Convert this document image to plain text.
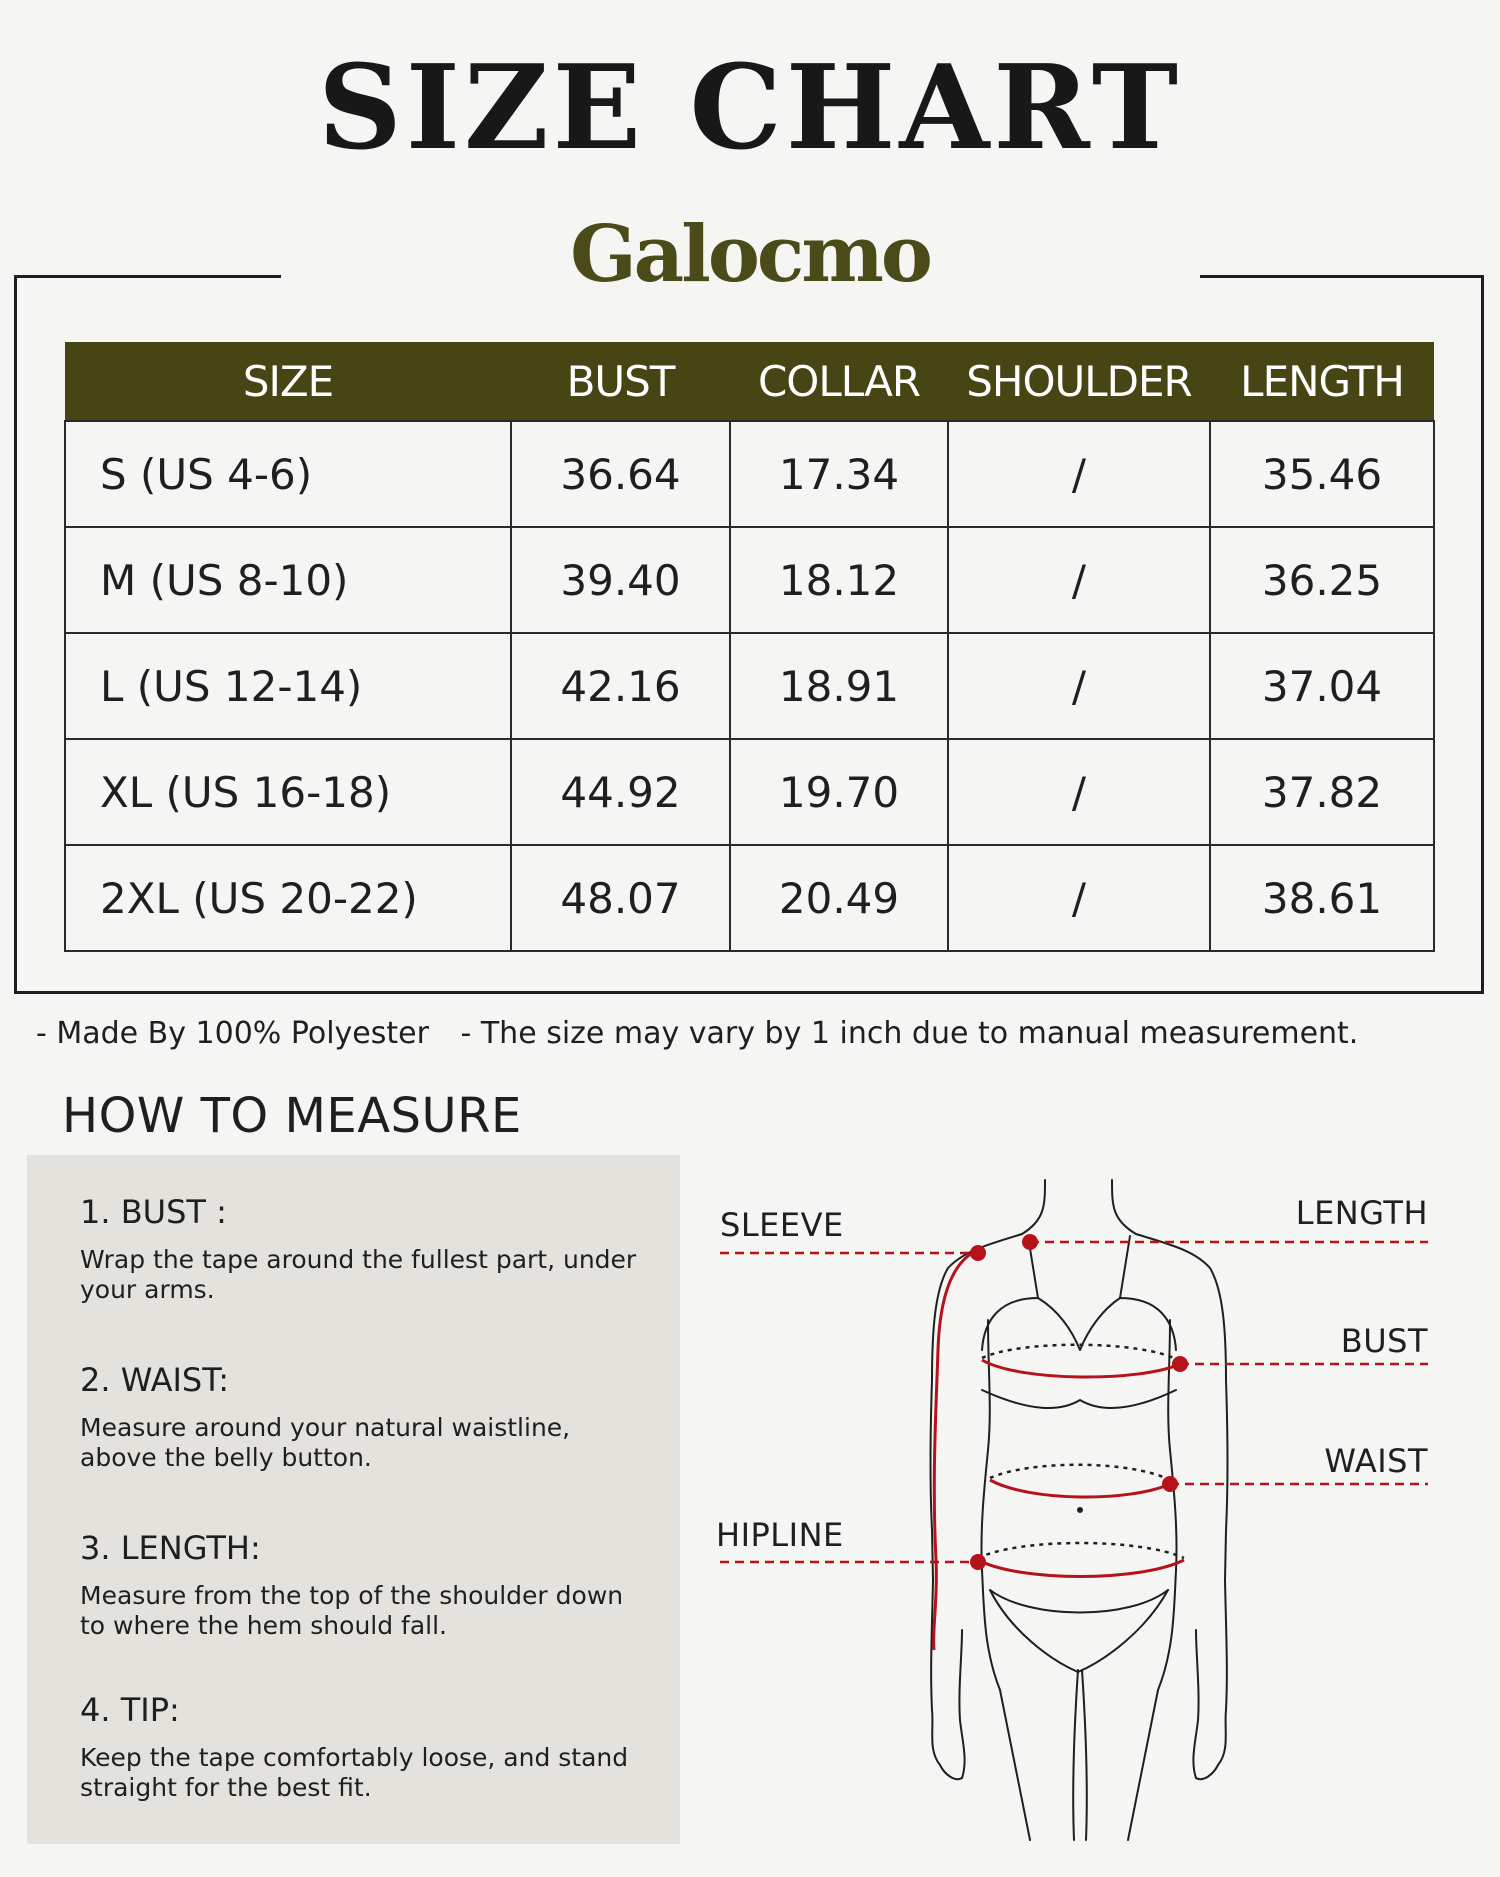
SIZE CHART
Galocmo
SIZE	BUST	COLLAR	SHOULDER	LENGTH
S (US 4-6)	36.64	17.34	/	35.46
M (US 8-10)	39.40	18.12	/	36.25
L (US 12-14)	42.16	18.91	/	37.04
XL (US 16-18)	44.92	19.70	/	37.82
2XL (US 20-22)	48.07	20.49	/	38.61
- Made By 100% Polyester - The size may vary by 1 inch due to manual measurement.
HOW TO MEASURE
1. BUST :
Wrap the tape around the fullest part, under your arms.
2. WAIST:
Measure around your natural waistline, above the belly button.
3. LENGTH:
Measure from the top of the shoulder down to where the hem should fall.
4. TIP:
Keep the tape comfortably loose, and stand straight for the best fit.
SLEEVE	LENGTH
BUST
WAIST
HIPLINE
